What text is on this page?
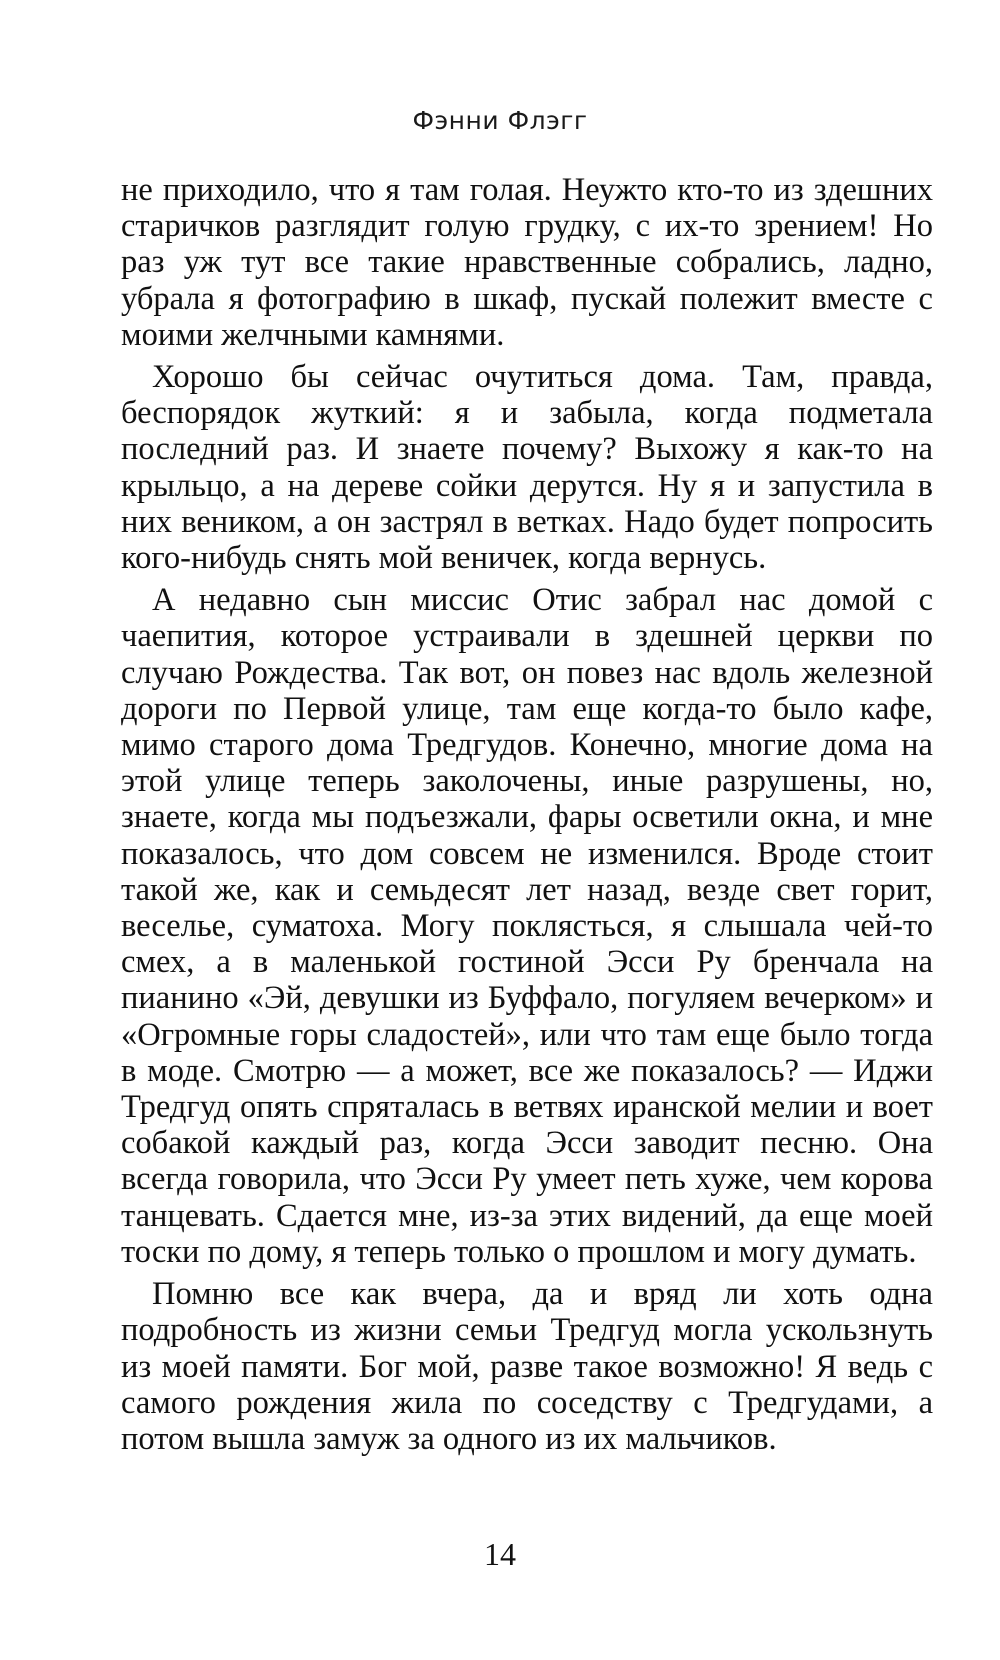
Фэнни Флэгг

не приходило, что я там голая. Неужто кто-то из здешних старичков разглядит голую грудку, с их-то зрением! Но раз уж тут все такие нравственные собрались, ладно, убрала я фотографию в шкаф, пускай полежит вместе с моими желчными камнями.

Хорошо бы сейчас очутиться дома. Там, правда, беспорядок жуткий: я и забыла, когда подметала последний раз. И знаете почему? Выхожу я как-то на крыльцо, а на дереве сойки дерутся. Ну я и запустила в них веником, а он застрял в ветках. Надо будет попросить кого-нибудь снять мой веничек, когда вернусь.

А недавно сын миссис Отис забрал нас домой с чаепития, которое устраивали в здешней церкви по случаю Рождества. Так вот, он повез нас вдоль железной дороги по Первой улице, там еще когда-то было кафе, мимо старого дома Тредгудов. Конечно, многие дома на этой улице теперь заколочены, иные разрушены, но, знаете, когда мы подъезжали, фары осветили окна, и мне показалось, что дом совсем не изменился. Вроде стоит такой же, как и семьдесят лет назад, везде свет горит, веселье, суматоха. Могу поклясться, я слышала чей-то смех, а в маленькой гостиной Эсси Ру бренчала на пианино «Эй, девушки из Буффало, погуляем вечерком» и «Огромные горы сладостей», или что там еще было тогда в моде. Смотрю — а может, все же показалось? — Иджи Тредгуд опять спряталась в ветвях иранской мелии и воет собакой каждый раз, когда Эсси заводит песню. Она всегда говорила, что Эсси Ру умеет петь хуже, чем корова танцевать. Сдается мне, из-за этих видений, да еще моей тоски по дому, я теперь только о прошлом и могу думать.

Помню все как вчера, да и вряд ли хоть одна подробность из жизни семьи Тредгуд могла ускользнуть из моей памяти. Бог мой, разве такое возможно! Я ведь с самого рождения жила по соседству с Тредгудами, а потом вышла замуж за одного из их мальчиков.

14
